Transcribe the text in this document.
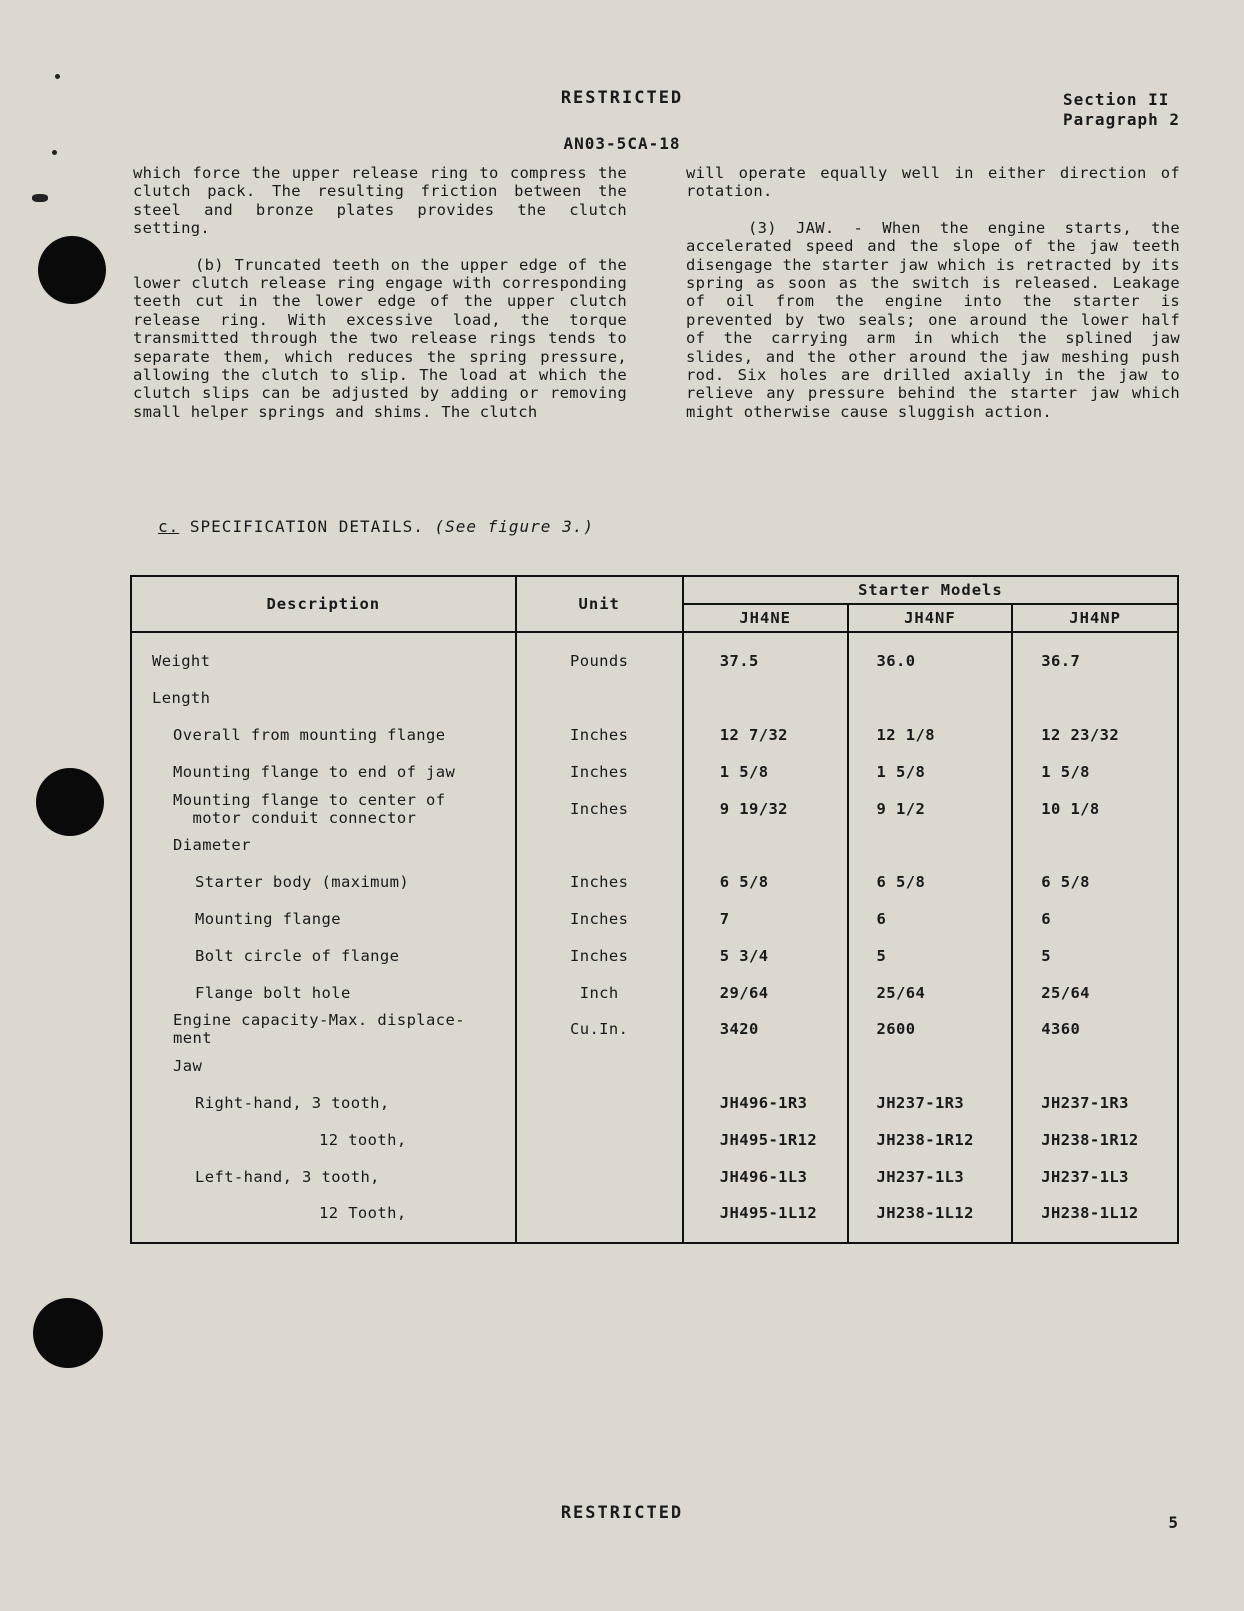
RESTRICTED
AN03-5CA-18
Section II
Paragraph 2

which force the upper release ring to compress the clutch pack. The resulting friction between the steel and bronze plates provides the clutch setting.

(b) Truncated teeth on the upper edge of the lower clutch release ring engage with corresponding teeth cut in the lower edge of the upper clutch release ring. With excessive load, the torque transmitted through the two release rings tends to separate them, which reduces the spring pressure, allowing the clutch to slip. The load at which the clutch slips can be adjusted by adding or removing small helper springs and shims. The clutch

will operate equally well in either direction of rotation.

(3) JAW. - When the engine starts, the accelerated speed and the slope of the jaw teeth disengage the starter jaw which is retracted by its spring as soon as the switch is released. Leakage of oil from the engine into the starter is prevented by two seals; one around the lower half of the carrying arm in which the splined jaw slides, and the other around the jaw meshing push rod. Six holes are drilled axially in the jaw to relieve any pressure behind the starter jaw which might otherwise cause sluggish action.

c. SPECIFICATION DETAILS. (See figure 3.)
Description	Unit	Starter Models		
		JH4NE	JH4NF	JH4NP
Weight	Pounds	37.5	36.0	36.7
Length				
Overall from mounting flange	Inches	12 7/32	12 1/8	12 23/32
Mounting flange to end of jaw	Inches	1 5/8	1 5/8	1 5/8
Mounting flange to center of
motor conduit connector	Inches	9 19/32	9 1/2	10 1/8
Diameter				
Starter body (maximum)	Inches	6 5/8	6 5/8	6 5/8
Mounting flange	Inches	7	6	6
Bolt circle of flange	Inches	5 3/4	5	5
Flange bolt hole	Inch	29/64	25/64	25/64
Engine capacity-Max. displace-
ment	Cu.In.	3420	2600	4360
Jaw				
Right-hand, 3 tooth,		JH496-1R3	JH237-1R3	JH237-1R3
12 tooth,		JH495-1R12	JH238-1R12	JH238-1R12
Left-hand, 3 tooth,		JH496-1L3	JH237-1L3	JH237-1L3
12 Tooth,		JH495-1L12	JH238-1L12	JH238-1L12
RESTRICTED	5
